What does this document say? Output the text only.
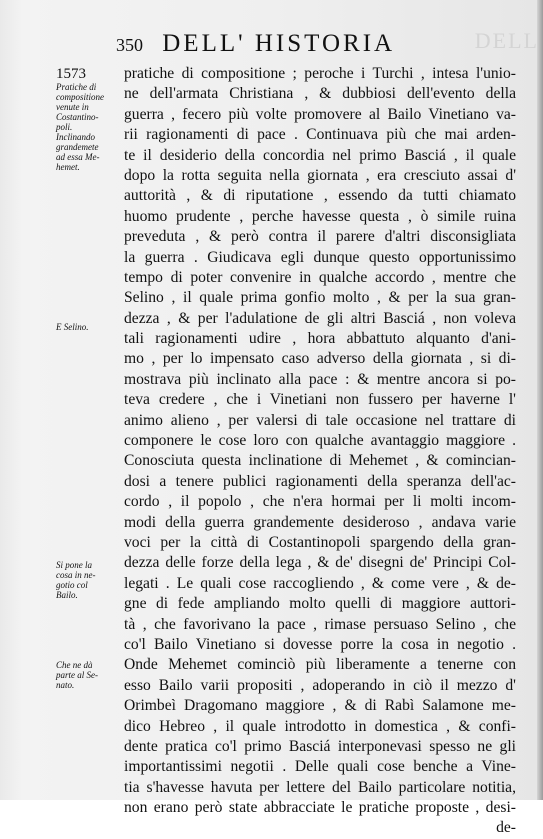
DELL
350 DELL' HISTORIA
1573
Pratiche di
compositione
venute in
Costantino-
poli.
Inclinando
grandemete
ad essa Me-
hemet.
E Selino.
Si pone la
cosa in ne-
gotio col
Bailo.
Che ne dà
parte al Se-
nato.
pratiche di compositione ; peroche i Turchi , intesa l'unio-
ne dell'armata Christiana , & dubbiosi dell'evento della
guerra , fecero più volte promovere al Bailo Vinetiano va-
rii ragionamenti di pace . Continuava più che mai arden-
te il desiderio della concordia nel primo Basciá , il quale
dopo la rotta seguita nella giornata , era cresciuto assai d'
auttorità , & di riputatione , essendo da tutti chiamato
huomo prudente , perche havesse questa , ò simile ruina
preveduta , & però contra il parere d'altri disconsigliata
la guerra . Giudicava egli dunque questo opportunissimo
tempo di poter convenire in qualche accordo , mentre che
Selino , il quale prima gonfio molto , & per la sua gran-
dezza , & per l'adulatione de gli altri Basciá , non voleva
tali ragionamenti udire , hora abbattuto alquanto d'ani-
mo , per lo impensato caso adverso della giornata , si di-
mostrava più inclinato alla pace : & mentre ancora si po-
teva credere , che i Vinetiani non fussero per haverne l'
animo alieno , per valersi di tale occasione nel trattare di
componere le cose loro con qualche avantaggio maggiore .
Conosciuta questa inclinatione di Mehemet , & comincian-
dosi a tenere publici ragionamenti della speranza dell'ac-
cordo , il popolo , che n'era hormai per li molti incom-
modi della guerra grandemente desideroso , andava varie
voci per la città di Costantinopoli spargendo della gran-
dezza delle forze della lega , & de' disegni de' Principi Col-
legati . Le quali cose raccogliendo , & come vere , & de-
gne di fede ampliando molto quelli di maggiore auttori-
tà , che favorivano la pace , rimase persuaso Selino , che
co'l Bailo Vinetiano si dovesse porre la cosa in negotio .
Onde Mehemet cominciò più liberamente a tenerne con
esso Bailo varii propositi , adoperando in ciò il mezzo d'
Orimbeì Dragomano maggiore , & di Rabì Salamone me-
dico Hebreo , il quale introdotto in domestica , & confi-
dente pratica co'l primo Basciá interponevasi spesso ne gli
importantissimi negotii . Delle quali cose benche a Vine-
tia s'havesse havuta per lettere del Bailo particolare notitia,
non erano però state abbracciate le pratiche proposte , desi-
de-
